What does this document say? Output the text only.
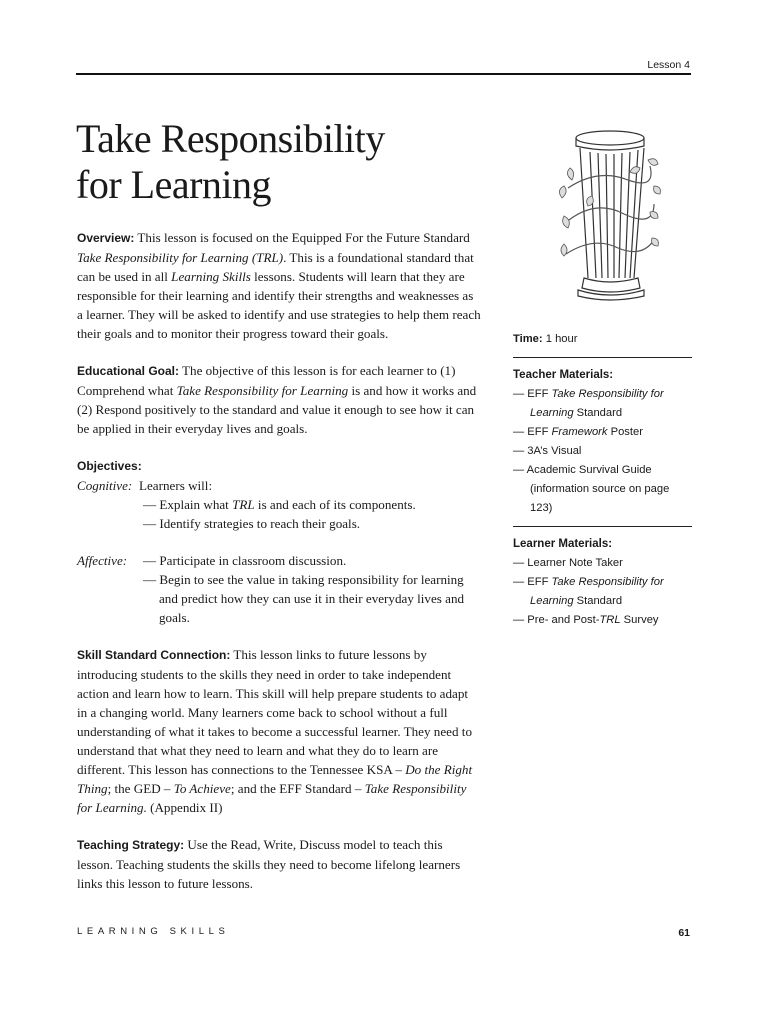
Lesson 4
Take Responsibility
for Learning

Overview: This lesson is focused on the Equipped For the Future Standard Take Responsibility for Learning (TRL). This is a foundational standard that can be used in all Learning Skills lessons. Students will learn that they are responsible for their learning and identify their strengths and weaknesses as a learner. They will be asked to identify and use strategies to help them reach their goals and to monitor their progress toward their goals.

Educational Goal: The objective of this lesson is for each learner to (1) Comprehend what Take Responsibility for Learning is and how it works and (2) Respond positively to the standard and value it enough to see how it can be applied in their everyday lives and goals.

Objectives:

Cognitive: Learners will:
— Explain what TRL is and each of its components.
— Identify strategies to reach their goals.
Affective:	— Participate in classroom discussion.
— Begin to see the value in taking responsibility for learning and predict how they can use it in their everyday lives and goals.

Skill Standard Connection: This lesson links to future lessons by introducing students to the skills they need in order to take independent action and learn how to learn. This skill will help prepare students to adapt in a changing world. Many learners come back to school without a full understanding of what it takes to become a successful learner. They need to understand that what they need to learn and what they do to learn are different. This lesson has connections to the Tennessee KSA – Do the Right Thing; the GED – To Achieve; and the EFF Standard – Take Responsibility for Learning. (Appendix II)

Teaching Strategy: Use the Read, Write, Discuss model to teach this lesson. Teaching students the skills they need to become lifelong learners links this lesson to future lessons.

Time: 1 hour
Teacher Materials:
— EFF Take Responsibility for Learning Standard
— EFF Framework Poster
— 3A’s Visual
— Academic Survival Guide (information source on page 123)
Learner Materials:
— Learner Note Taker
— EFF Take Responsibility for Learning Standard
— Pre- and Post-TRL Survey
LEARNING SKILLS	61
